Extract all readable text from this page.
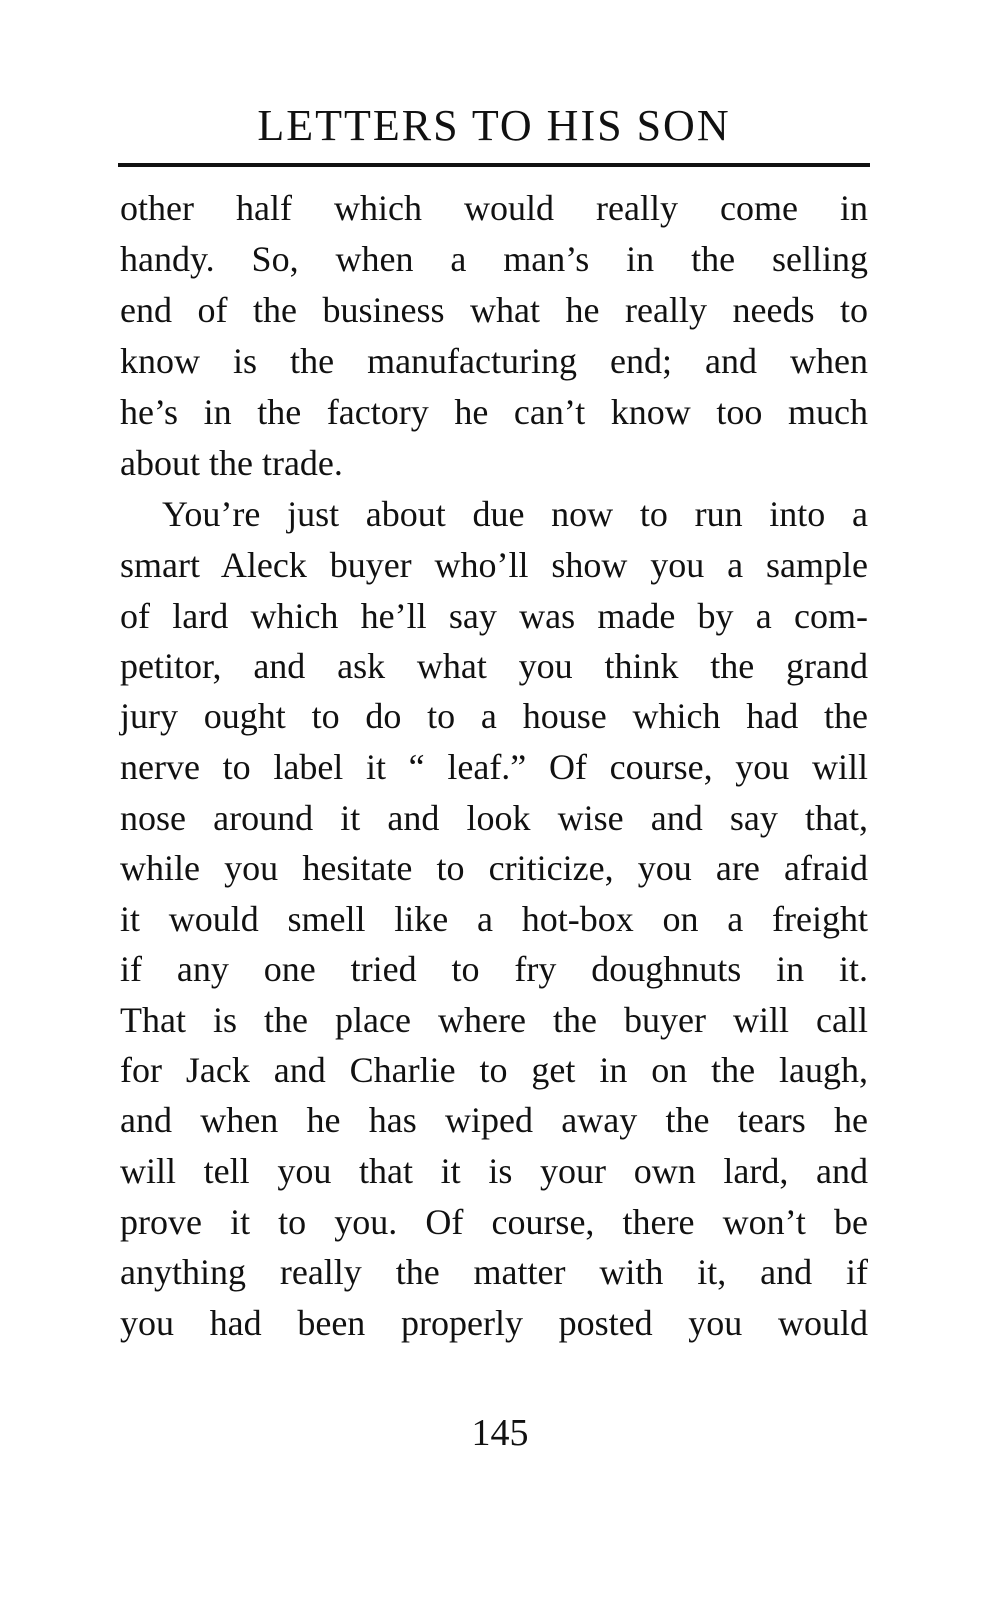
LETTERS TO HIS SON
other half which would really come in
handy. So, when a man’s in the selling
end of the business what he really needs to
know is the manufacturing end; and when
he’s in the factory he can’t know too much
about the trade.
You’re just about due now to run into a
smart Aleck buyer who’ll show you a sample
of lard which he’ll say was made by a com-
petitor, and ask what you think the grand
jury ought to do to a house which had the
nerve to label it “ leaf.” Of course, you will
nose around it and look wise and say that,
while you hesitate to criticize, you are afraid
it would smell like a hot-box on a freight
if any one tried to fry doughnuts in it.
That is the place where the buyer will call
for Jack and Charlie to get in on the laugh,
and when he has wiped away the tears he
will tell you that it is your own lard, and
prove it to you. Of course, there won’t be
anything really the matter with it, and if
you had been properly posted you would
145
